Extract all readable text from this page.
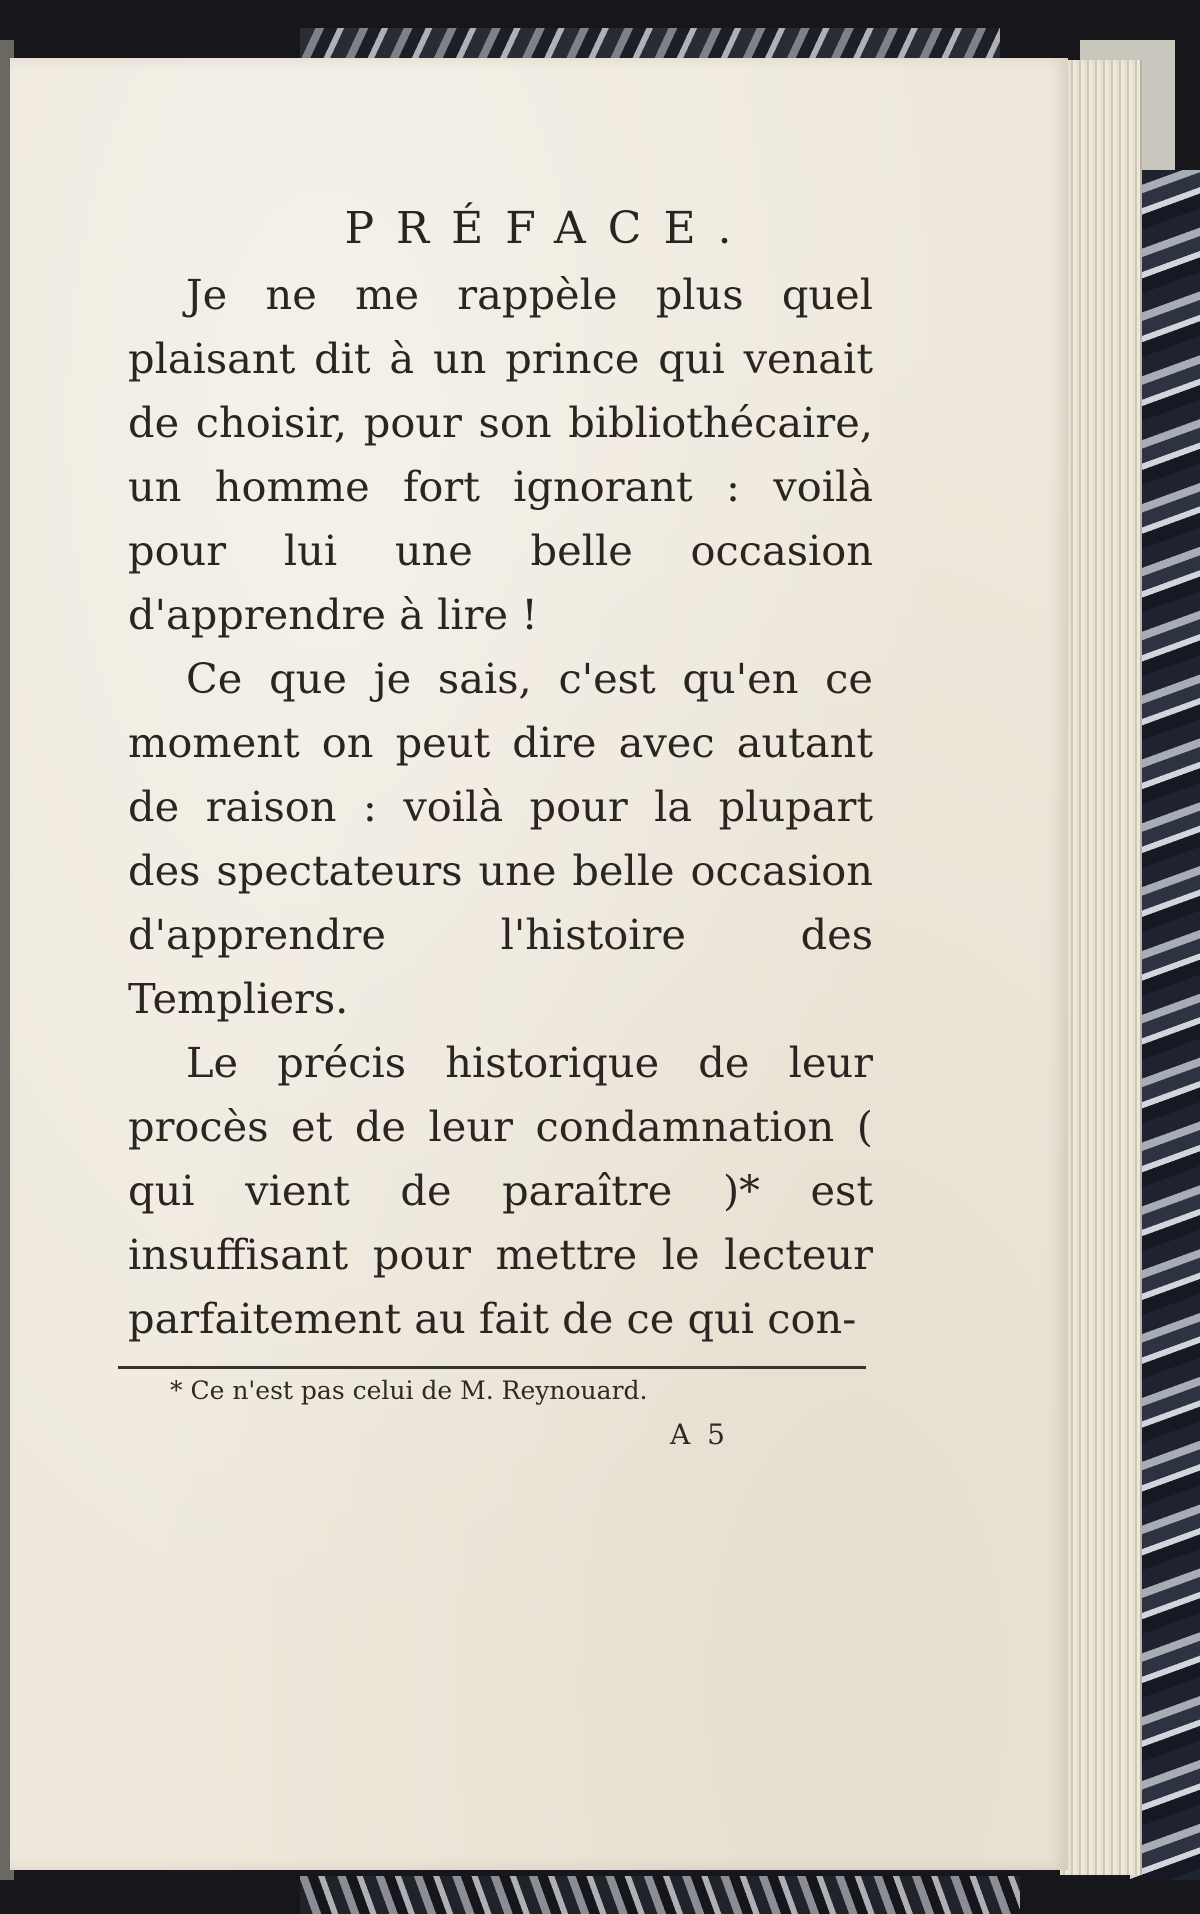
PRÉFACE.

Je ne me rappèle plus quel plaisant dit à un prince qui venait de choisir, pour son bibliothécaire, un homme fort ignorant : voilà pour lui une belle occasion d'apprendre à lire !

Ce que je sais, c'est qu'en ce moment on peut dire avec autant de raison : voilà pour la plupart des spectateurs une belle occasion d'apprendre l'histoire des Templiers.

Le précis historique de leur procès et de leur condamnation ( qui vient de paraître )* est insuffisant pour mettre le lecteur parfaitement au fait de ce qui con-

* Ce n'est pas celui de M. Reynouard.
A 5
